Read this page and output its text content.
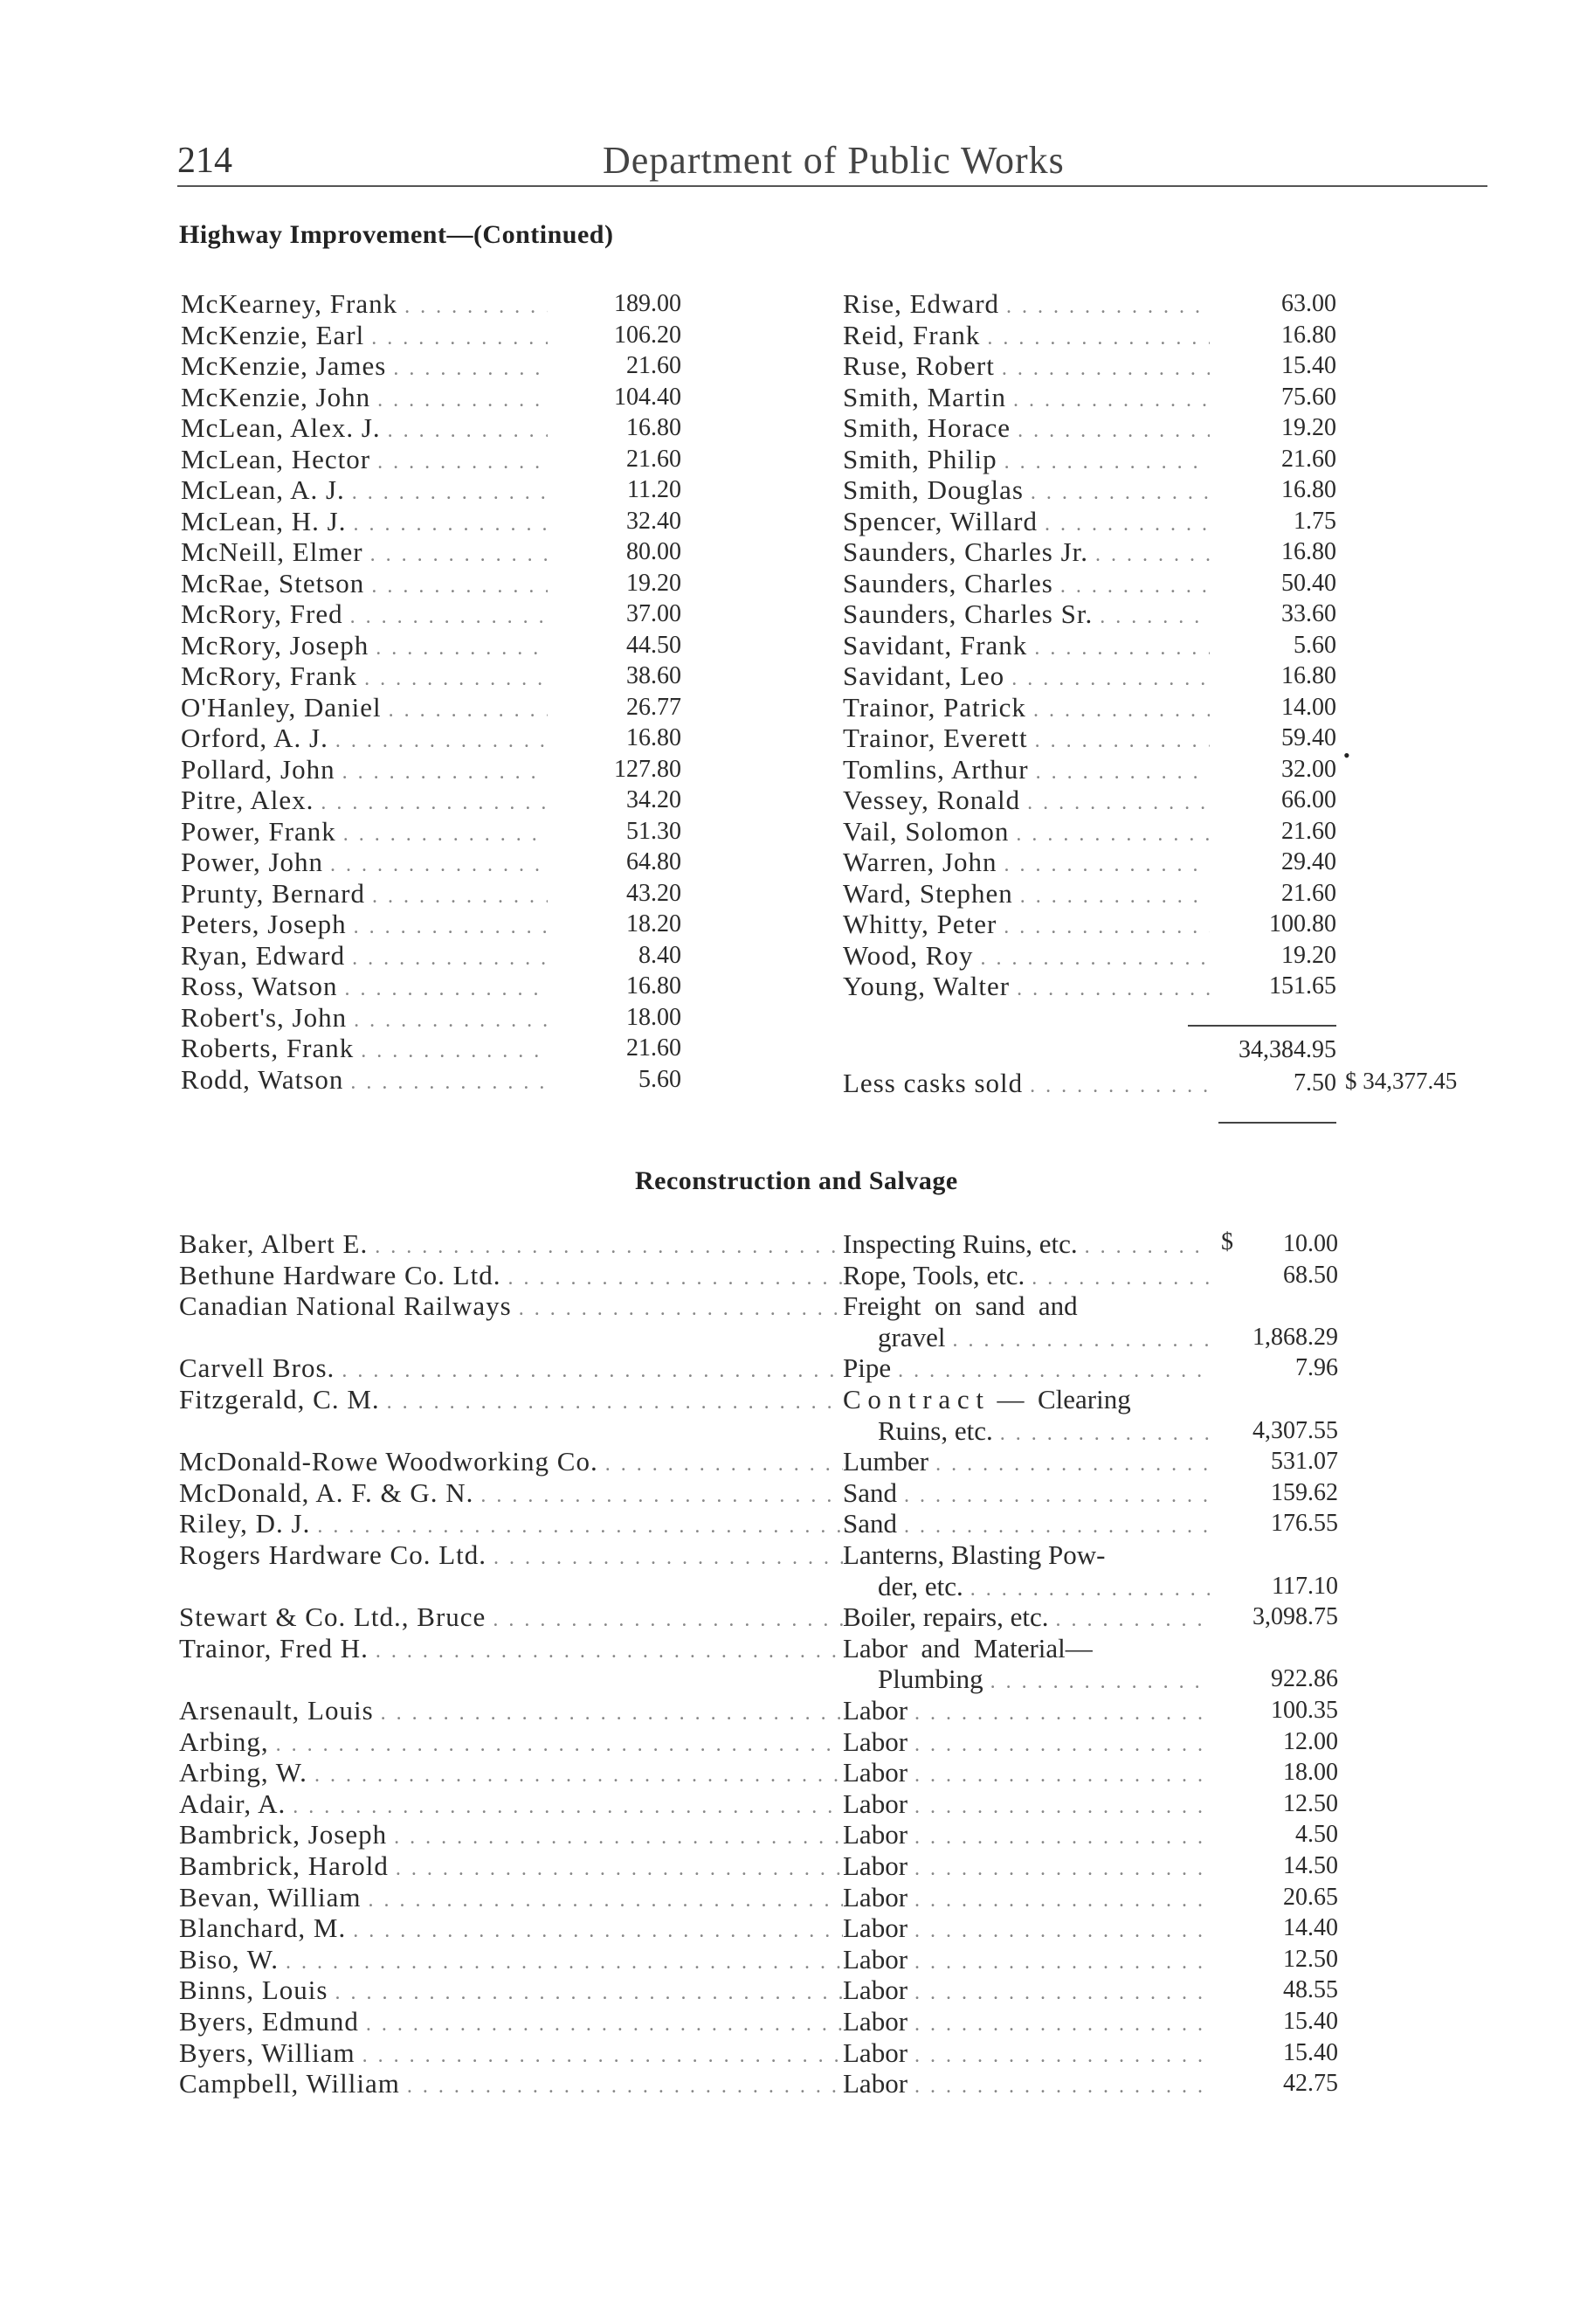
214	Department of Public Works
Highway Improvement—(Continued)
•
34,384.95
Less casks sold . . .	7.50 $ 34,377.45
Reconstruction and Salvage
$
McKearney, Frank . . .	189.00
McKenzie, Earl . . .	106.20
McKenzie, James . . .	21.60
McKenzie, John . . .	104.40
McLean, Alex. J. . . .	16.80
McLean, Hector . . .	21.60
McLean, A. J. . . .	11.20
McLean, H. J. . . .	32.40
McNeill, Elmer . . .	80.00
McRae, Stetson . . .	19.20
McRory, Fred . . .	37.00
McRory, Joseph . . .	44.50
McRory, Frank . . .	38.60
O'Hanley, Daniel . . .	26.77
Orford, A. J. . . .	16.80
Pollard, John . . .	127.80
Pitre, Alex. . . .	34.20
Power, Frank . . .	51.30
Power, John . . .	64.80
Prunty, Bernard . . .	43.20
Peters, Joseph . . .	18.20
Ryan, Edward . . .	8.40
Ross, Watson . . .	16.80
Robert's, John . . .	18.00
Roberts, Frank . . .	21.60
Rodd, Watson . . .	5.60
Rise, Edward . . .	63.00
Reid, Frank . . .	16.80
Ruse, Robert . . .	15.40
Smith, Martin . . .	75.60
Smith, Horace . . .	19.20
Smith, Philip . . .	21.60
Smith, Douglas . . .	16.80
Spencer, Willard . . .	1.75
Saunders, Charles Jr. . . .	16.80
Saunders, Charles . . .	50.40
Saunders, Charles Sr. . . .	33.60
Savidant, Frank . . .	5.60
Savidant, Leo . . .	16.80
Trainor, Patrick . . .	14.00
Trainor, Everett . . .	59.40
Tomlins, Arthur . . .	32.00
Vessey, Ronald . . .	66.00
Vail, Solomon . . .	21.60
Warren, John . . .	29.40
Ward, Stephen . . .	21.60
Whitty, Peter . . .	100.80
Wood, Roy . . .	19.20
Young, Walter . . .	151.65
Baker, Albert E. . . .	Inspecting Ruins, etc. . . .	10.00
Bethune Hardware Co. Ltd. . . .	Rope, Tools, etc. . . .	68.50
Canadian National Railways . . .	Freight  on  sand  and
gravel . . .	1,868.29
Carvell Bros. . . .	Pipe . . .	7.96
Fitzgerald, C. M. . . .	C o n t r a c t  —  Clearing
Ruins, etc. . . .	4,307.55
McDonald-Rowe Woodworking Co. . . .	Lumber . . .	531.07
McDonald, A. F. & G. N. . . .	Sand . . .	159.62
Riley, D. J. . . .	Sand . . .	176.55
Rogers Hardware Co. Ltd. . . .	Lanterns, Blasting Pow-
der, etc. . . .	117.10
Stewart & Co. Ltd., Bruce . . .	Boiler, repairs, etc. . . .	3,098.75
Trainor, Fred H. . . .	Labor  and  Material—
Plumbing . . .	922.86
Arsenault, Louis . . .	Labor . . .	100.35
Arbing, . . .	Labor . . .	12.00
Arbing, W. . . .	Labor . . .	18.00
Adair, A. . . .	Labor . . .	12.50
Bambrick, Joseph . . .	Labor . . .	4.50
Bambrick, Harold . . .	Labor . . .	14.50
Bevan, William . . .	Labor . . .	20.65
Blanchard, M. . . .	Labor . . .	14.40
Biso, W. . . .	Labor . . .	12.50
Binns, Louis . . .	Labor . . .	48.55
Byers, Edmund . . .	Labor . . .	15.40
Byers, William . . .	Labor . . .	15.40
Campbell, William . . .	Labor . . .	42.75
